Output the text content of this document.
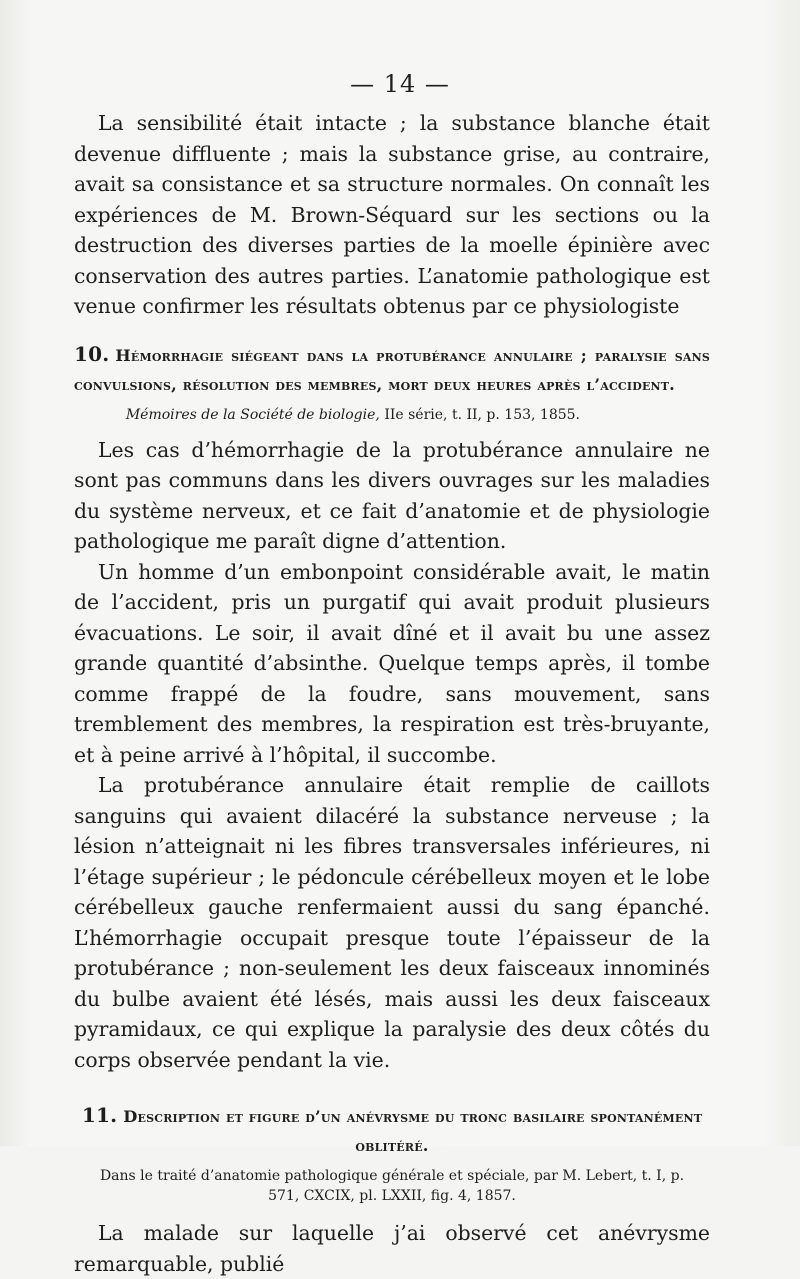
— 14 —

La sensibilité était intacte ; la substance blanche était devenue diffluente ; mais la substance grise, au contraire, avait sa consistance et sa structure normales. On connaît les expériences de M. Brown-Séquard sur les sections ou la destruction des diverses parties de la moelle épinière avec conservation des autres parties. L’anatomie pathologique est venue confirmer les résultats obtenus par ce physiologiste

10. Hémorrhagie siégeant dans la protubérance annulaire ; paralysie sans convulsions, résolution des membres, mort deux heures après l’accident.
Mémoires de la Société de biologie, IIe série, t. II, p. 153, 1855.

Les cas d’hémorrhagie de la protubérance annulaire ne sont pas communs dans les divers ouvrages sur les maladies du système nerveux, et ce fait d’anatomie et de physiologie pathologique me paraît digne d’attention.

Un homme d’un embonpoint considérable avait, le matin de l’accident, pris un purgatif qui avait produit plusieurs évacuations. Le soir, il avait dîné et il avait bu une assez grande quantité d’absinthe. Quelque temps après, il tombe comme frappé de la foudre, sans mouvement, sans tremblement des membres, la respiration est très-bruyante, et à peine arrivé à l’hôpital, il succombe.

La protubérance annulaire était remplie de caillots sanguins qui avaient dilacéré la substance nerveuse ; la lésion n’atteignait ni les fibres transversales inférieures, ni l’étage supérieur ; le pédoncule cérébelleux moyen et le lobe cérébelleux gauche renfermaient aussi du sang épanché. L’hémorrhagie occupait presque toute l’épaisseur de la protubérance ; non-seulement les deux faisceaux innominés du bulbe avaient été lésés, mais aussi les deux faisceaux pyramidaux, ce qui explique la paralysie des deux côtés du corps observée pendant la vie.

11. Description et figure d’un anévrysme du tronc basilaire spontanément oblitéré.
Dans le traité d’anatomie pathologique générale et spéciale, par M. Lebert, t. I, p. 571, CXCIX, pl. LXXII, fig. 4, 1857.

La malade sur laquelle j’ai observé cet anévrysme remarquable, publié
